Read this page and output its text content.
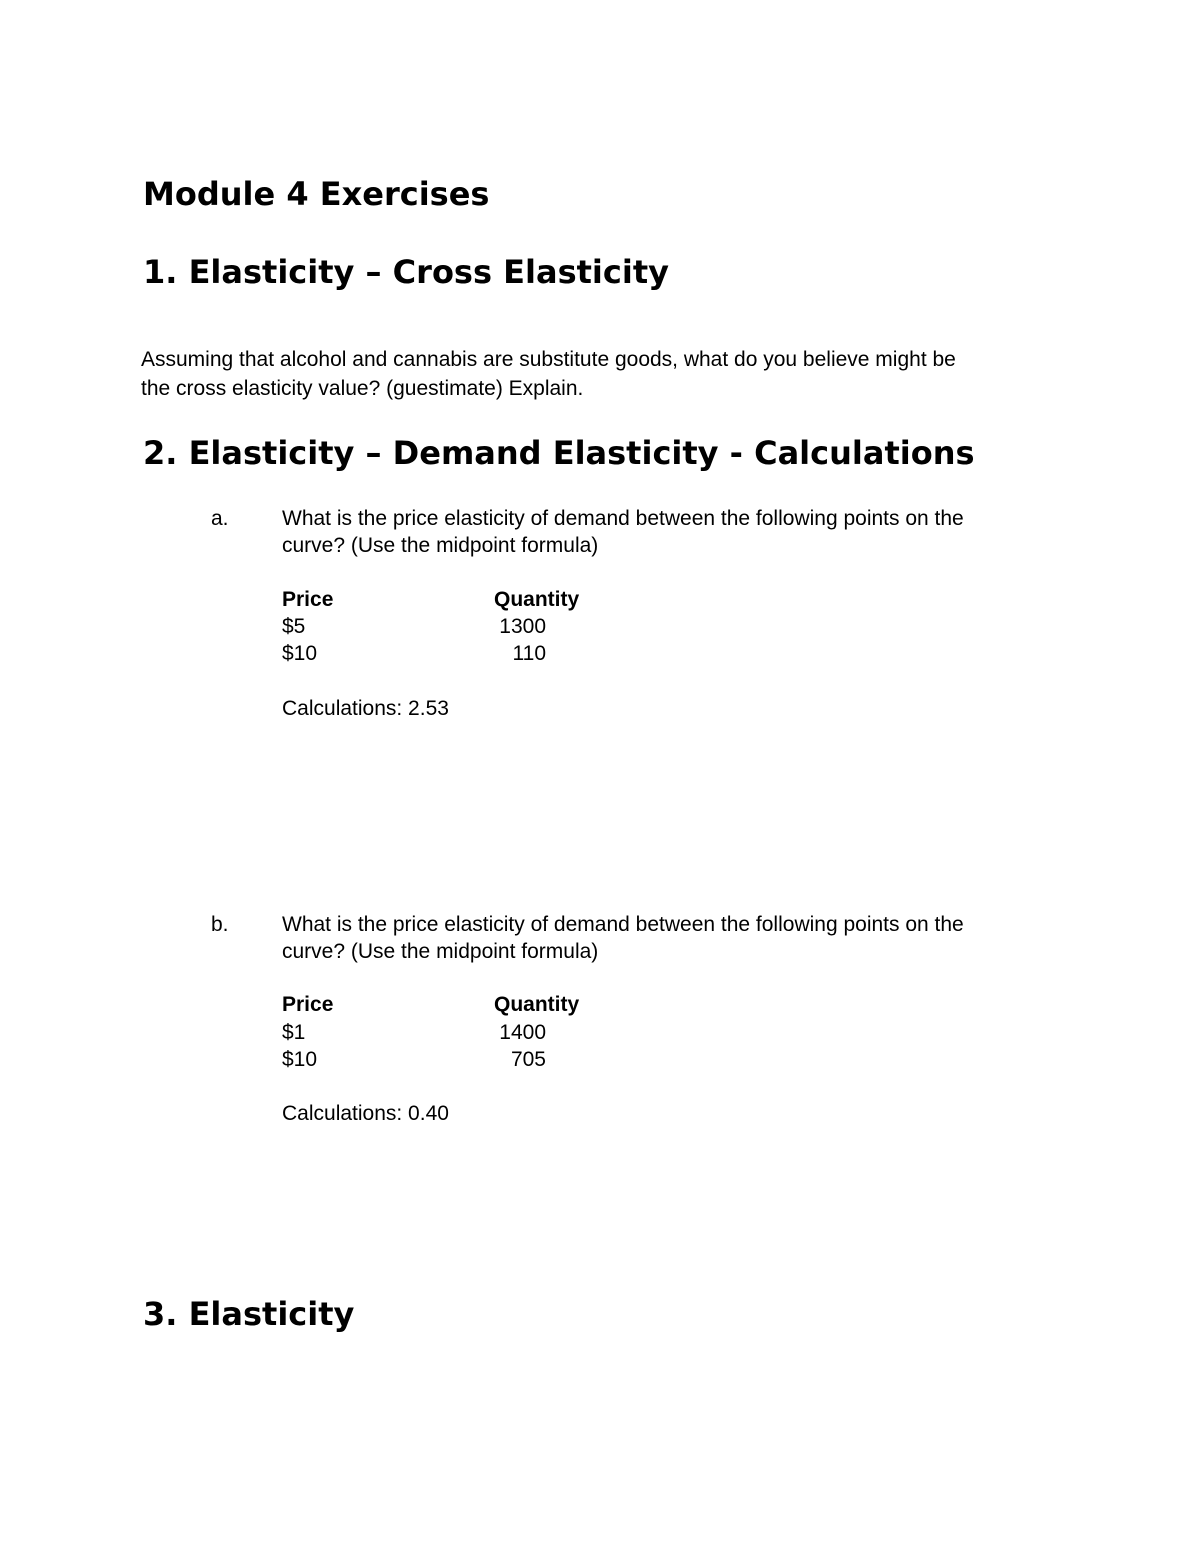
Module 4 Exercises
1. Elasticity – Cross Elasticity
Assuming that alcohol and cannabis are substitute goods, what do you believe might be
the cross elasticity value? (guestimate) Explain.
2. Elasticity – Demand Elasticity - Calculations
a.	What is the price elasticity of demand between the following points on the
curve? (Use the midpoint formula)
Price	Quantity
$5	1300
$10	110
Calculations: 2.53
b.	What is the price elasticity of demand between the following points on the
curve? (Use the midpoint formula)
Price	Quantity
$1	1400
$10	705
Calculations: 0.40
3. Elasticity
